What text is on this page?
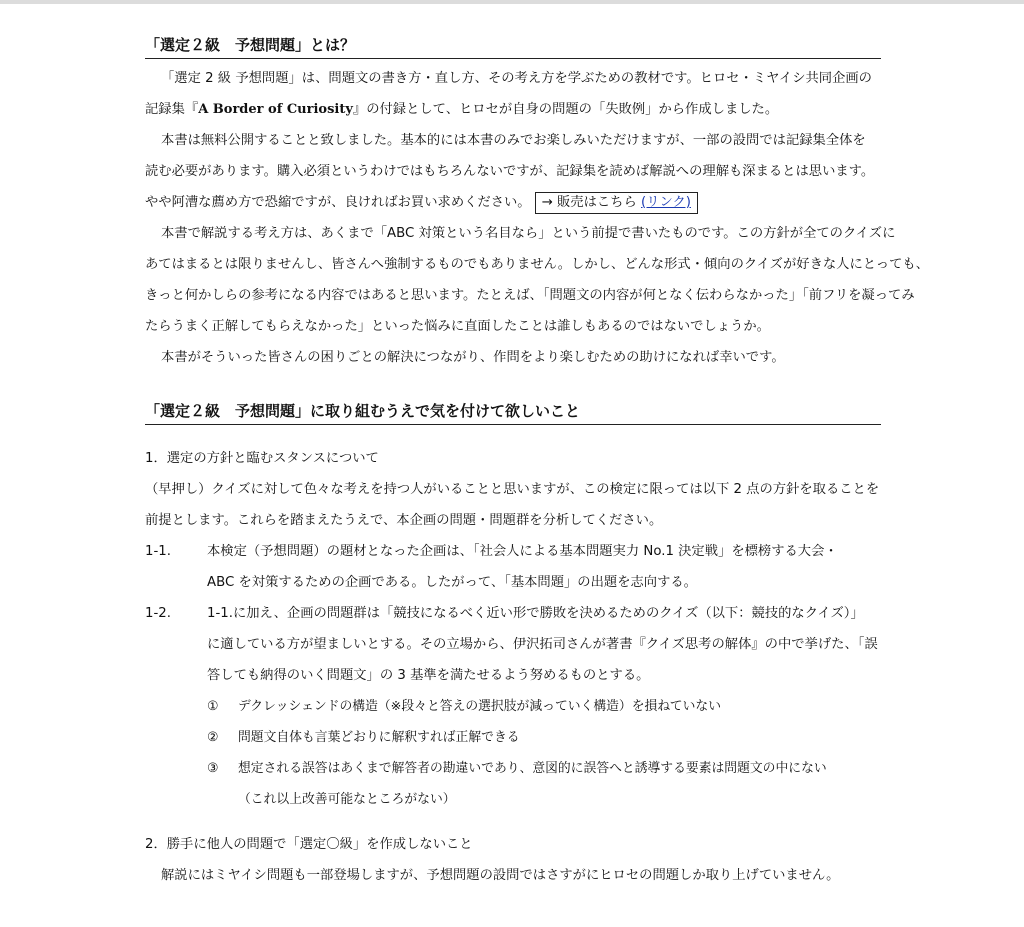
「選定２級　予想問題」とは？

「選定 2 級 予想問題」は、問題文の書き方・直し方、その考え方を学ぶための教材です。ヒロセ・ミヤイシ共同企画の

記録集『A Border of Curiosity』の付録として、ヒロセが自身の問題の「失敗例」から作成しました。

本書は無料公開することと致しました。基本的には本書のみでお楽しみいただけますが、一部の設問では記録集全体を

読む必要があります。購入必須というわけではもちろんないですが、記録集を読めば解説への理解も深まるとは思います。

やや阿漕な薦め方で恐縮ですが、良ければお買い求めください。 → 販売はこちら (リンク)

本書で解説する考え方は、あくまで「ABC 対策という名目なら」という前提で書いたものです。この方針が全てのクイズに

あてはまるとは限りませんし、皆さんへ強制するものでもありません。しかし、どんな形式・傾向のクイズが好きな人にとっても、

きっと何かしらの参考になる内容ではあると思います。たとえば、「問題文の内容が何となく伝わらなかった」「前フリを凝ってみ

たらうまく正解してもらえなかった」といった悩みに直面したことは誰しもあるのではないでしょうか。

本書がそういった皆さんの困りごとの解決につながり、作問をより楽しむための助けになれば幸いです。

「選定２級　予想問題」に取り組むうえで気を付けて欲しいこと

1．選定の方針と臨むスタンスについて

（早押し）クイズに対して色々な考えを持つ人がいることと思いますが、この検定に限っては以下 2 点の方針を取ることを

前提とします。これらを踏まえたうえで、本企画の問題・問題群を分析してください。

1-1.	本検定（予想問題）の題材となった企画は、「社会人による基本問題実力 No.1 決定戦」を標榜する大会・
ABC を対策するための企画である。したがって、「基本問題」の出題を志向する。
1-2.	1-1.に加え、企画の問題群は「競技になるべく近い形で勝敗を決めるためのクイズ（以下：競技的なクイズ）」
に適している方が望ましいとする。その立場から、伊沢拓司さんが著書『クイズ思考の解体』の中で挙げた、「誤
答しても納得のいく問題文」の 3 基準を満たせるよう努めるものとする。
①	デクレッシェンドの構造（※段々と答えの選択肢が減っていく構造）を損ねていない
②	問題文自体も言葉どおりに解釈すれば正解できる
③	想定される誤答はあくまで解答者の勘違いであり、意図的に誤答へと誘導する要素は問題文の中にない
（これ以上改善可能なところがない）

2．勝手に他人の問題で「選定〇級」を作成しないこと

解説にはミヤイシ問題も一部登場しますが、予想問題の設問ではさすがにヒロセの問題しか取り上げていません。
